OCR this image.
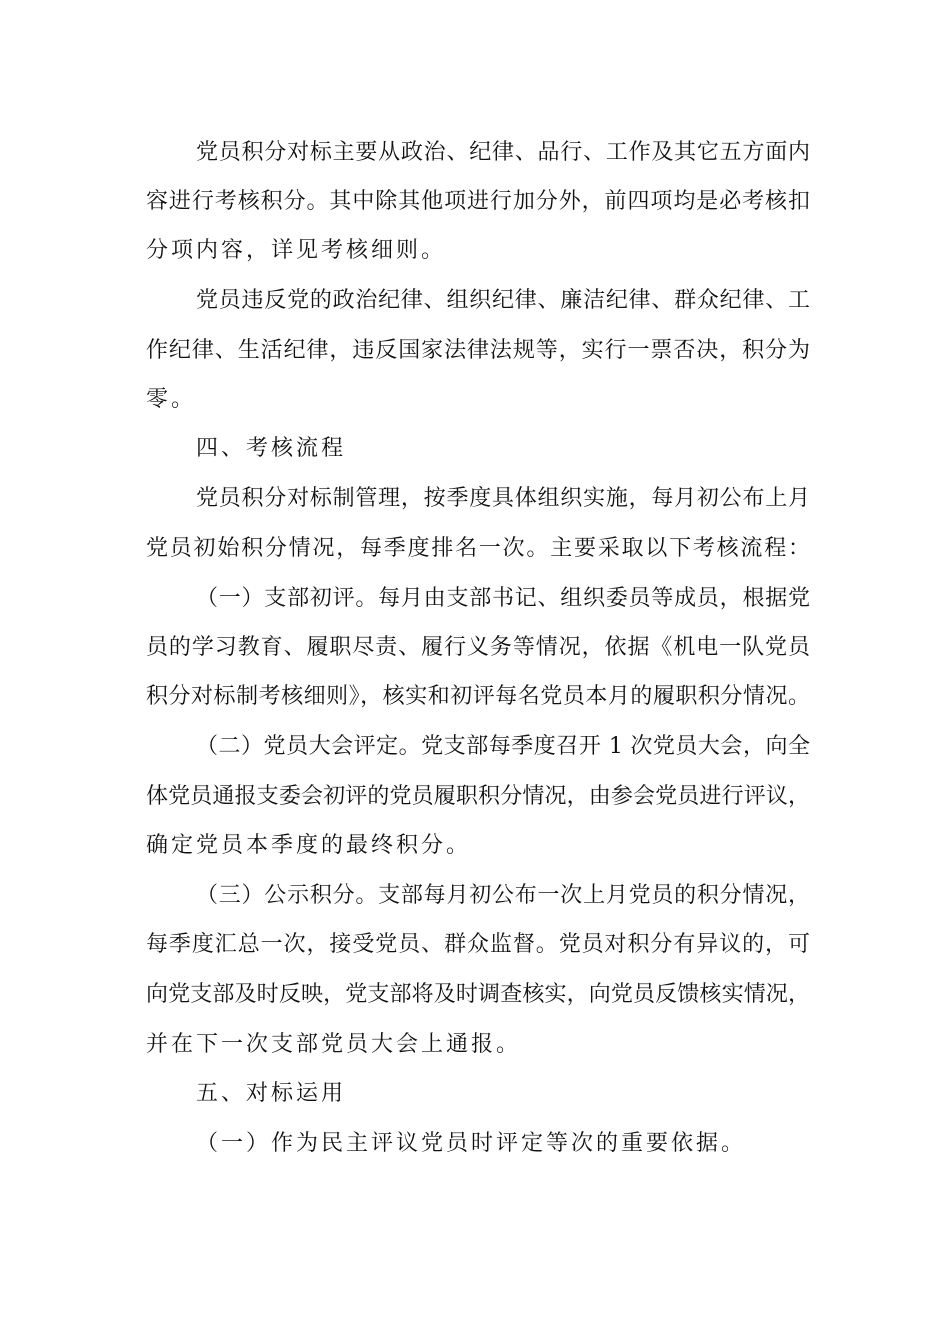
党员积分对标主要从政治、纪律、品行、工作及其它五方面内
容进行考核积分。其中除其他项进行加分外，前四项均是必考核扣
分项内容，详见考核细则。
党员违反党的政治纪律、组织纪律、廉洁纪律、群众纪律、工
作纪律、生活纪律，违反国家法律法规等，实行一票否决，积分为
零。
四、考核流程
党员积分对标制管理，按季度具体组织实施，每月初公布上月
党员初始积分情况，每季度排名一次。主要采取以下考核流程：
（一）支部初评。每月由支部书记、组织委员等成员，根据党
员的学习教育、履职尽责、履行义务等情况，依据《机电一队党员
积分对标制考核细则》，核实和初评每名党员本月的履职积分情况。
（二）党员大会评定。党支部每季度召开 1 次党员大会，向全
体党员通报支委会初评的党员履职积分情况，由参会党员进行评议，
确定党员本季度的最终积分。
（三）公示积分。支部每月初公布一次上月党员的积分情况，
每季度汇总一次，接受党员、群众监督。党员对积分有异议的，可
向党支部及时反映，党支部将及时调查核实，向党员反馈核实情况，
并在下一次支部党员大会上通报。
五、对标运用
（一）作为民主评议党员时评定等次的重要依据。
